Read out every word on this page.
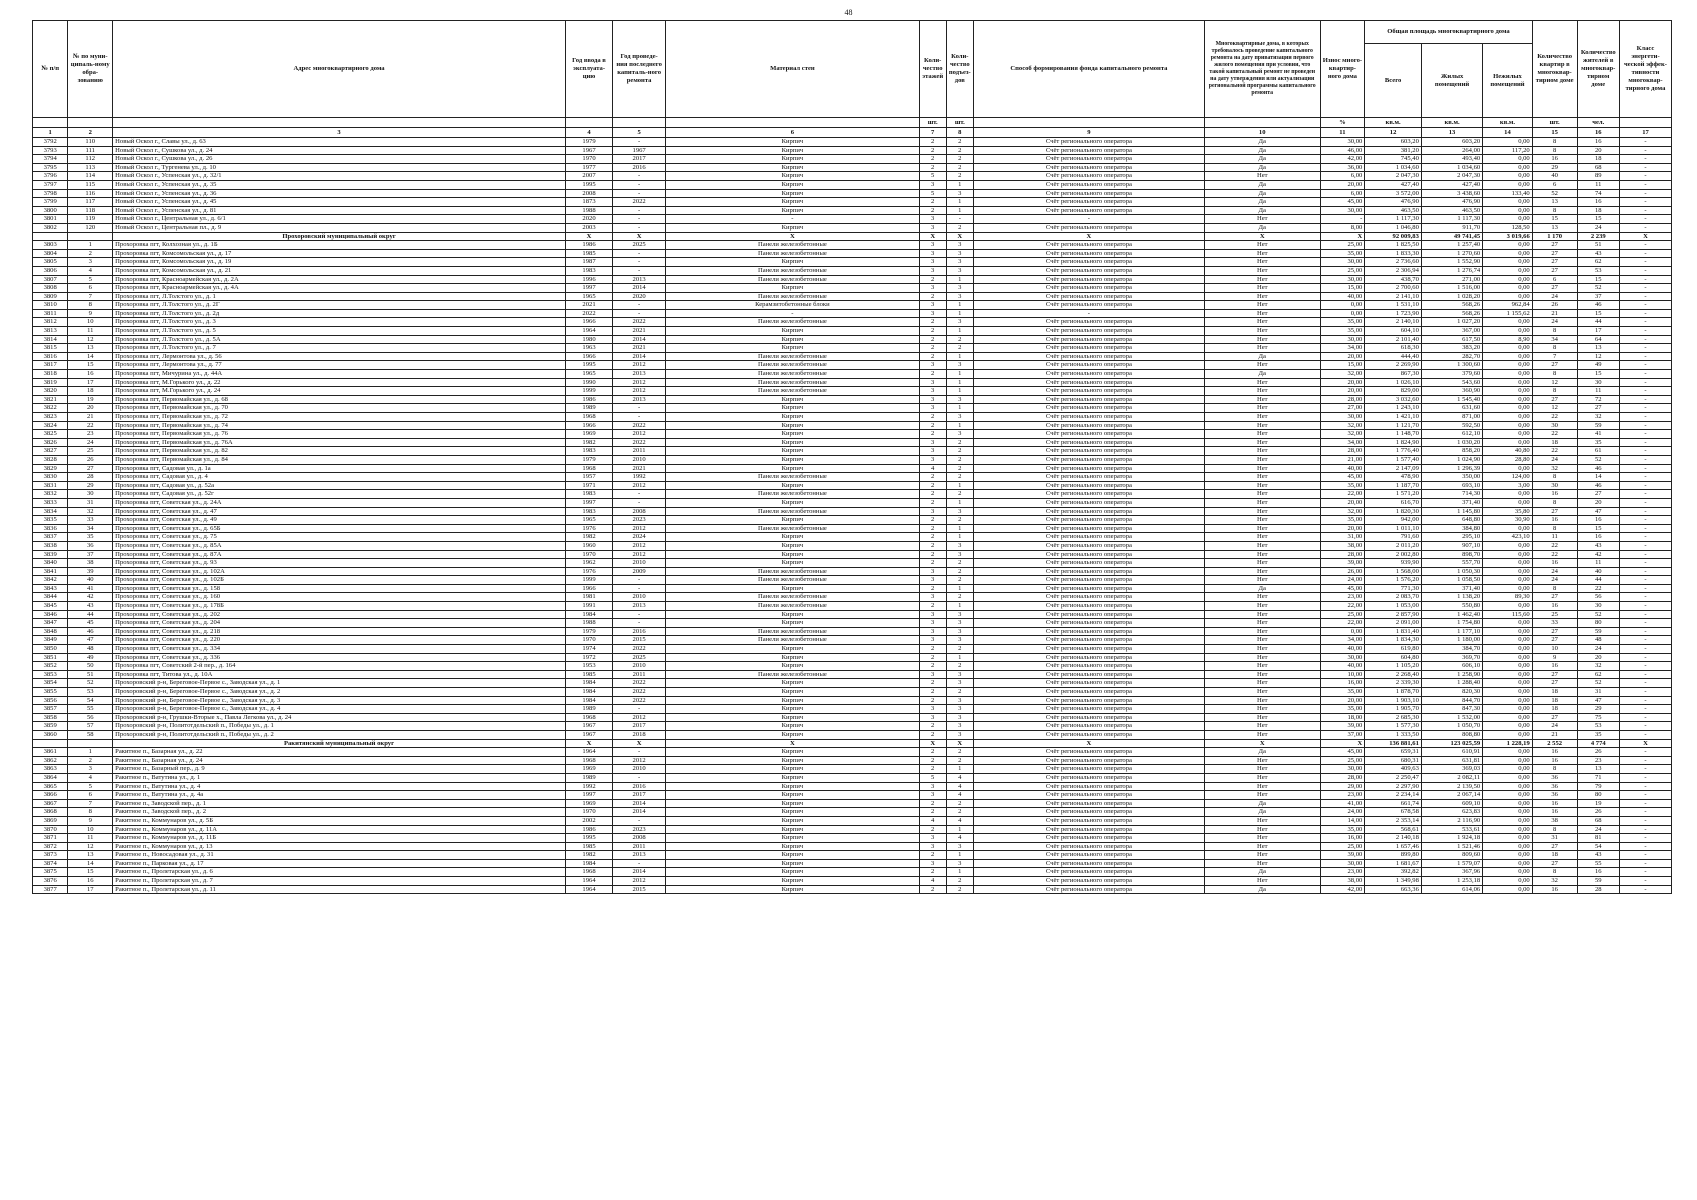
48
№ п/п	№ по муни-ципаль-ному обра-зованию	Адрес многоквартирного дома	Год ввода в эксплуата-цию	Год проведе-ния последнего капиталь-ного ремонта	Материал стен	Коли-чество этажей	Коли-чество подъез-дов	Способ формирования фонда капитального ремонта	Многоквартирные дома, в которых требовалось проведение капитального ремонта на дату приватизации первого жилого помещения при условии, что такой капитальный ремонт не проведен на дату утверждения или актуализации региональной программы капитального ремонта	Износ много-квартир-ного дома	Общая площадь многоквартирного дома			Количество квартир в многоквар-тирном доме	Количество жителей в многоквар-тирном доме	Класс энергети-ческой эффек-тивности многоквар-тирного дома
											Всего	Жилых помещений	Нежилых помещений			
						шт.	шт.			%	кв.м.	кв.м.	кв.м.	шт.	чел.	
1	2	3	4	5	6	7	8	9	10	11	12	13	14	15	16	17
3792	110	Новый Оскол г., Славы ул., д. 63	1979	-	Кирпич	2	2	Счёт регионального оператора	Да	30,00	603,20	603,20	0,00	8	16	-
3793	111	Новый Оскол г., Сушкова ул., д. 24	1967	1967	Кирпич	2	2	Счёт регионального оператора	Да	46,00	381,20	264,00	117,20	8	20	-
3794	112	Новый Оскол г., Сушкова ул., д. 26	1970	2017	Кирпич	2	2	Счёт регионального оператора	Да	42,00	745,40	493,40	0,00	16	18	-
3795	113	Новый Оскол г., Тургенева ул., д. 10	1977	2016	Кирпич	2	2	Счёт регионального оператора	Да	36,00	1 034,60	1 034,60	0,00	29	68	-
3796	114	Новый Оскол г., Успенская ул., д. 32/1	2007	-	Кирпич	5	2	Счёт регионального оператора	Нет	6,00	2 047,30	2 047,30	0,00	40	89	-
3797	115	Новый Оскол г., Успенская ул., д. 35	1995	-	Кирпич	3	1	Счёт регионального оператора	Да	20,00	427,40	427,40	0,00	6	11	-
3798	116	Новый Оскол г., Успенская ул., д. 36	2008	-	Кирпич	5	3	Счёт регионального оператора	Да	6,00	3 572,00	3 438,60	133,40	52	74	-
3799	117	Новый Оскол г., Успенская ул., д. 45	1873	2022	Кирпич	2	1	Счёт регионального оператора	Да	45,00	476,90	476,90	0,00	13	16	-
3800	118	Новый Оскол г., Успенская ул., д. 81	1988	-	Кирпич	2	1	Счёт регионального оператора	Да	30,00	463,50	463,50	0,00	8	18	-
3801	119	Новый Оскол г., Центральная ул., д. 6/1	2020	-	-	3	-	-	Нет	-	1 117,30	1 117,30	0,00	15	15	-
3802	120	Новый Оскол г., Центральная пл., д. 9	2003	-	Кирпич	3	2	Счёт регионального оператора	Да	8,00	1 046,80	911,70	128,50	13	24	-
		Прохоровский муниципальный округ	X	X	X	X	X	X	X	X	92 009,83	49 741,45	3 019,66	1 170	2 239	X
3803	1	Прохоровка пгт, Колхозная ул., д. 1Б	1986	2025	Панели железобетонные	3	3	Счёт регионального оператора	Нет	25,00	1 825,50	1 257,40	0,00	27	51	-
3804	2	Прохоровка пгт, Комсомольская ул., д. 17	1985	-	Панели железобетонные	3	3	Счёт регионального оператора	Нет	35,00	1 833,30	1 270,60	0,00	27	43	-
3805	3	Прохоровка пгт, Комсомольская ул., д. 19	1987	-	Кирпич	3	3	Счёт регионального оператора	Нет	30,00	2 736,60	1 552,90	0,00	27	62	-
3806	4	Прохоровка пгт, Комсомольская ул., д. 21	1983	-	Панели железобетонные	3	3	Счёт регионального оператора	Нет	25,00	2 306,94	1 276,74	0,00	27	53	-
3807	5	Прохоровка пгт, Красноармейская ул., д. 2А	1996	2013	Панели железобетонные	2	1	Счёт регионального оператора	Нет	30,00	438,70	271,00	0,00	6	15	-
3808	6	Прохоровка пгт, Красноармейская ул., д. 4А	1997	2014	Кирпич	3	3	Счёт регионального оператора	Нет	15,00	2 700,60	1 516,00	0,00	27	52	-
3809	7	Прохоровка пгт, Л.Толстого ул., д. 1	1965	2020	Панели железобетонные	2	3	Счёт регионального оператора	Нет	40,00	2 141,10	1 028,20	0,00	24	37	-
3810	8	Прохоровка пгт, Л.Толстого ул., д. 2Г	2021	-	Керамзитобетонные блоки	3	1	Счёт регионального оператора	Нет	0,00	1 531,10	568,26	962,84	26	46	-
3811	9	Прохоровка пгт, Л.Толстого ул., д. 2д	2022	-	-	3	1	-	Нет	0,00	1 723,90	568,26	1 155,62	21	15	-
3812	10	Прохоровка пгт, Л.Толстого ул., д. 3	1966	2022	Панели железобетонные	2	3	Счёт регионального оператора	Нет	35,00	2 140,10	1 027,20	0,00	24	44	-
3813	11	Прохоровка пгт, Л.Толстого ул., д. 5	1964	2021	Кирпич	2	1	Счёт регионального оператора	Нет	35,00	604,10	367,00	0,00	8	17	-
3814	12	Прохоровка пгт, Л.Толстого ул., д. 5А	1980	2014	Кирпич	2	2	Счёт регионального оператора	Нет	30,00	2 101,40	617,50	8,90	34	64	-
3815	13	Прохоровка пгт, Л.Толстого ул., д. 7	1963	2021	Кирпич	2	2	Счёт регионального оператора	Нет	34,00	618,30	383,20	0,00	8	13	-
3816	14	Прохоровка пгт, Лермонтова ул., д. 56	1966	2014	Панели железобетонные	2	1	Счёт регионального оператора	Да	20,00	444,40	282,70	0,00	7	12	-
3817	15	Прохоровка пгт, Лермонтова ул., д. 77	1995	2012	Панели железобетонные	3	3	Счёт регионального оператора	Нет	15,00	2 269,90	1 300,60	0,00	27	49	-
3818	16	Прохоровка пгт, Мичурина ул., д. 44А	1965	2013	Панели железобетонные	2	1	Счёт регионального оператора	Да	32,00	867,30	379,60	0,00	8	15	-
3819	17	Прохоровка пгт, М.Горького ул., д. 22	1990	2012	Панели железобетонные	3	1	Счёт регионального оператора	Нет	20,00	1 026,10	543,60	0,00	12	30	-
3820	18	Прохоровка пгт, М.Горького ул., д. 24	1999	2012	Панели железобетонные	3	1	Счёт регионального оператора	Нет	20,00	829,00	360,90	0,00	8	11	-
3821	19	Прохоровка пгт, Первомайская ул., д. 68	1986	2013	Кирпич	3	3	Счёт регионального оператора	Нет	28,00	3 032,60	1 545,40	0,00	27	72	-
3822	20	Прохоровка пгт, Первомайская ул., д. 70	1989	-	Кирпич	3	1	Счёт регионального оператора	Нет	27,00	1 243,10	631,60	0,00	12	27	-
3823	21	Прохоровка пгт, Первомайская ул., д. 72	1968	-	Кирпич	2	3	Счёт регионального оператора	Нет	30,00	1 421,10	871,00	0,00	22	32	-
3824	22	Прохоровка пгт, Первомайская ул., д. 74	1966	2022	Кирпич	2	1	Счёт регионального оператора	Нет	32,00	1 121,70	592,50	0,00	30	59	-
3825	23	Прохоровка пгт, Первомайская ул., д. 76	1969	2012	Кирпич	2	3	Счёт регионального оператора	Нет	32,00	1 148,70	612,10	0,00	22	41	-
3826	24	Прохоровка пгт, Первомайская ул., д. 76А	1982	2022	Кирпич	3	2	Счёт регионального оператора	Нет	34,00	1 824,90	1 030,20	0,00	18	35	-
3827	25	Прохоровка пгт, Первомайская ул., д. 82	1983	2011	Кирпич	3	2	Счёт регионального оператора	Нет	28,00	1 776,40	858,20	40,80	22	61	-
3828	26	Прохоровка пгт, Первомайская ул., д. 84	1979	2010	Кирпич	3	2	Счёт регионального оператора	Нет	21,00	1 577,40	1 024,90	28,80	24	52	-
3829	27	Прохоровка пгт, Садовая ул., д. 1а	1968	2021	Кирпич	4	2	Счёт регионального оператора	Нет	40,00	2 147,09	1 296,39	0,00	32	46	-
3830	28	Прохоровка пгт, Садовая ул., д. 4	1957	1992	Панели железобетонные	2	2	Счёт регионального оператора	Нет	45,00	478,90	350,00	124,00	8	14	-
3831	29	Прохоровка пгт, Садовая ул., д. 52а	1971	2012	Кирпич	2	1	Счёт регионального оператора	Нет	35,00	1 187,70	693,10	3,00	30	46	-
3832	30	Прохоровка пгт, Садовая ул., д. 52г	1983	-	Панели железобетонные	2	2	Счёт регионального оператора	Нет	22,00	1 571,20	714,30	0,00	16	27	-
3833	31	Прохоровка пгт, Советская ул., д. 24А	1997	-	Кирпич	2	1	Счёт регионального оператора	Нет	20,00	616,70	371,40	0,00	8	20	-
3834	32	Прохоровка пгт, Советская ул., д. 47	1983	2008	Панели железобетонные	3	3	Счёт регионального оператора	Нет	32,00	1 820,30	1 145,80	35,80	27	47	-
3835	33	Прохоровка пгт, Советская ул., д. 49	1965	2023	Кирпич	2	2	Счёт регионального оператора	Нет	35,00	942,00	648,80	30,90	16	16	-
3836	34	Прохоровка пгт, Советская ул., д. 65Б	1976	2012	Панели железобетонные	2	1	Счёт регионального оператора	Нет	20,00	1 011,10	384,80	0,00	8	15	-
3837	35	Прохоровка пгт, Советская ул., д. 75	1982	2024	Кирпич	2	1	Счёт регионального оператора	Нет	31,00	791,60	295,10	423,10	11	16	-
3838	36	Прохоровка пгт, Советская ул., д. 85А	1960	2012	Кирпич	2	3	Счёт регионального оператора	Нет	38,00	2 011,20	907,10	0,00	22	43	-
3839	37	Прохоровка пгт, Советская ул., д. 87А	1970	2012	Кирпич	2	3	Счёт регионального оператора	Нет	28,00	2 002,80	898,70	0,00	22	42	-
3840	38	Прохоровка пгт, Советская ул., д. 93	1962	2010	Кирпич	2	2	Счёт регионального оператора	Нет	39,00	939,90	557,70	0,00	16	11	-
3841	39	Прохоровка пгт, Советская ул., д. 102А	1976	2009	Панели железобетонные	3	2	Счёт регионального оператора	Нет	26,00	1 568,00	1 050,30	0,00	24	40	-
3842	40	Прохоровка пгт, Советская ул., д. 102Б	1999	-	Панели железобетонные	3	2	Счёт регионального оператора	Нет	24,00	1 576,20	1 058,50	0,00	24	44	-
3843	41	Прохоровка пгт, Советская ул., д. 158	1966	-	Кирпич	2	1	Счёт регионального оператора	Да	45,00	771,30	371,40	0,00	8	22	-
3844	42	Прохоровка пгт, Советская ул., д. 160	1981	2010	Панели железобетонные	3	2	Счёт регионального оператора	Нет	23,00	2 083,70	1 138,20	89,30	27	56	-
3845	43	Прохоровка пгт, Советская ул., д. 178Б	1991	2013	Панели железобетонные	2	1	Счёт регионального оператора	Нет	22,00	1 053,00	550,80	0,00	16	30	-
3846	44	Прохоровка пгт, Советская ул., д. 202	1984	-	Кирпич	3	3	Счёт регионального оператора	Нет	25,00	2 857,90	1 462,40	115,60	25	52	-
3847	45	Прохоровка пгт, Советская ул., д. 204	1988	-	Кирпич	3	3	Счёт регионального оператора	Нет	22,00	2 091,00	1 754,80	0,00	33	80	-
3848	46	Прохоровка пгт, Советская ул., д. 218	1979	2016	Панели железобетонные	3	3	Счёт регионального оператора	Нет	0,00	1 831,40	1 177,10	0,00	27	59	-
3849	47	Прохоровка пгт, Советская ул., д. 220	1970	2015	Панели железобетонные	3	3	Счёт регионального оператора	Нет	34,00	1 834,30	1 180,00	0,00	27	48	-
3850	48	Прохоровка пгт, Советская ул., д. 334	1974	2022	Кирпич	2	2	Счёт регионального оператора	Нет	40,00	619,80	384,70	0,00	10	24	-
3851	49	Прохоровка пгт, Советская ул., д. 336	1972	2025	Кирпич	2	1	Счёт регионального оператора	Нет	30,00	604,80	369,70	0,00	9	20	-
3852	50	Прохоровка пгт, Советский 2-й пер., д. 164	1953	2010	Кирпич	2	2	Счёт регионального оператора	Нет	40,00	1 105,20	606,10	0,00	16	32	-
3853	51	Прохоровка пгт, Титова ул., д. 10А	1985	2011	Панели железобетонные	3	3	Счёт регионального оператора	Нет	10,00	2 268,40	1 258,90	0,00	27	62	-
3854	52	Прохоровский р-н, Береговое-Первое с., Заводская ул., д. 1	1984	2022	Кирпич	2	3	Счёт регионального оператора	Нет	16,00	2 339,30	1 288,40	0,00	27	52	-
3855	53	Прохоровский р-н, Береговое-Первое с., Заводская ул., д. 2	1984	2022	Кирпич	2	2	Счёт регионального оператора	Нет	35,00	1 878,70	820,30	0,00	18	31	-
3856	54	Прохоровский р-н, Береговое-Первое с., Заводская ул., д. 3	1984	2022	Кирпич	2	3	Счёт регионального оператора	Нет	20,00	1 903,10	844,70	0,00	18	47	-
3857	55	Прохоровский р-н, Береговое-Первое с., Заводская ул., д. 4	1989	-	Кирпич	3	3	Счёт регионального оператора	Нет	35,00	1 905,70	847,30	0,00	18	29	-
3858	56	Прохоровский р-н, Грушки-Вторые х., Павла Легкова ул., д. 24	1968	2012	Кирпич	3	3	Счёт регионального оператора	Нет	18,00	2 685,30	1 532,00	0,00	27	75	-
3859	57	Прохоровский р-н, Политотдельский п., Победы ул., д. 1	1967	2017	Кирпич	2	3	Счёт регионального оператора	Нет	39,00	1 577,30	1 050,70	0,00	24	53	-
3860	58	Прохоровский р-н, Политотдельский п., Победы ул., д. 2	1967	2018	Кирпич	2	3	Счёт регионального оператора	Нет	37,00	1 333,50	808,80	0,00	21	35	-
		Ракитянский муниципальный округ	X	X	X	X	X	X	X	X	136 881,61	123 025,59	1 228,19	2 552	4 774	X
3861	1	Ракитное п., Базарная ул., д. 22	1964	-	Кирпич	2	2	Счёт регионального оператора	Да	45,00	659,31	610,91	0,00	16	26	-
3862	2	Ракитное п., Базарная ул., д. 24	1968	2012	Кирпич	2	2	Счёт регионального оператора	Нет	25,00	680,31	631,81	0,00	16	23	-
3863	3	Ракитное п., Базарный пер., д. 9	1969	2010	Кирпич	2	1	Счёт регионального оператора	Нет	30,00	409,63	369,03	0,00	8	13	-
3864	4	Ракитное п., Ватутина ул., д. 1	1989	-	Кирпич	5	4	Счёт регионального оператора	Нет	28,00	2 250,47	2 082,11	0,00	36	71	-
3865	5	Ракитное п., Ватутина ул., д. 4	1992	2016	Кирпич	3	4	Счёт регионального оператора	Нет	29,00	2 297,90	2 139,50	0,00	36	79	-
3866	6	Ракитное п., Ватутина ул., д. 4а	1997	2017	Кирпич	3	4	Счёт регионального оператора	Нет	23,00	2 234,14	2 067,14	0,00	36	80	-
3867	7	Ракитное п., Заводской пер., д. 1	1969	2014	Кирпич	2	2	Счёт регионального оператора	Да	41,00	661,74	609,10	0,00	16	19	-
3868	8	Ракитное п., Заводской пер., д. 2	1970	2014	Кирпич	2	2	Счёт регионального оператора	Да	24,00	678,58	623,83	0,00	16	26	-
3869	9	Ракитное п., Коммунаров ул., д. 5Б	2002	-	Кирпич	4	4	Счёт регионального оператора	Нет	14,00	2 353,14	2 116,90	0,00	38	68	-
3870	10	Ракитное п., Коммунаров ул., д. 11А	1986	2023	Кирпич	2	1	Счёт регионального оператора	Нет	35,00	568,61	533,61	0,00	8	24	-
3871	11	Ракитное п., Коммунаров ул., д. 11Б	1995	2008	Кирпич	3	4	Счёт регионального оператора	Нет	16,00	2 140,18	1 924,18	0,00	31	81	-
3872	12	Ракитное п., Коммунаров ул., д. 13	1985	2011	Кирпич	3	3	Счёт регионального оператора	Нет	25,00	1 657,46	1 521,46	0,00	27	54	-
3873	13	Ракитное п., Новосадовая ул., д. 31	1982	2013	Кирпич	2	1	Счёт регионального оператора	Нет	39,00	899,80	809,60	0,00	18	43	-
3874	14	Ракитное п., Парковая ул., д. 17	1984	-	Кирпич	3	3	Счёт регионального оператора	Нет	30,00	1 681,67	1 579,07	0,00	27	55	-
3875	15	Ракитное п., Пролетарская ул., д. 6	1968	2014	Кирпич	2	1	Счёт регионального оператора	Да	23,00	392,82	367,96	0,00	8	16	-
3876	16	Ракитное п., Пролетарская ул., д. 7	1964	2012	Кирпич	4	2	Счёт регионального оператора	Нет	38,00	1 349,98	1 253,18	0,00	32	59	-
3877	17	Ракитное п., Пролетарская ул., д. 11	1964	2015	Кирпич	2	2	Счёт регионального оператора	Да	42,00	663,36	614,06	0,00	16	28	-
